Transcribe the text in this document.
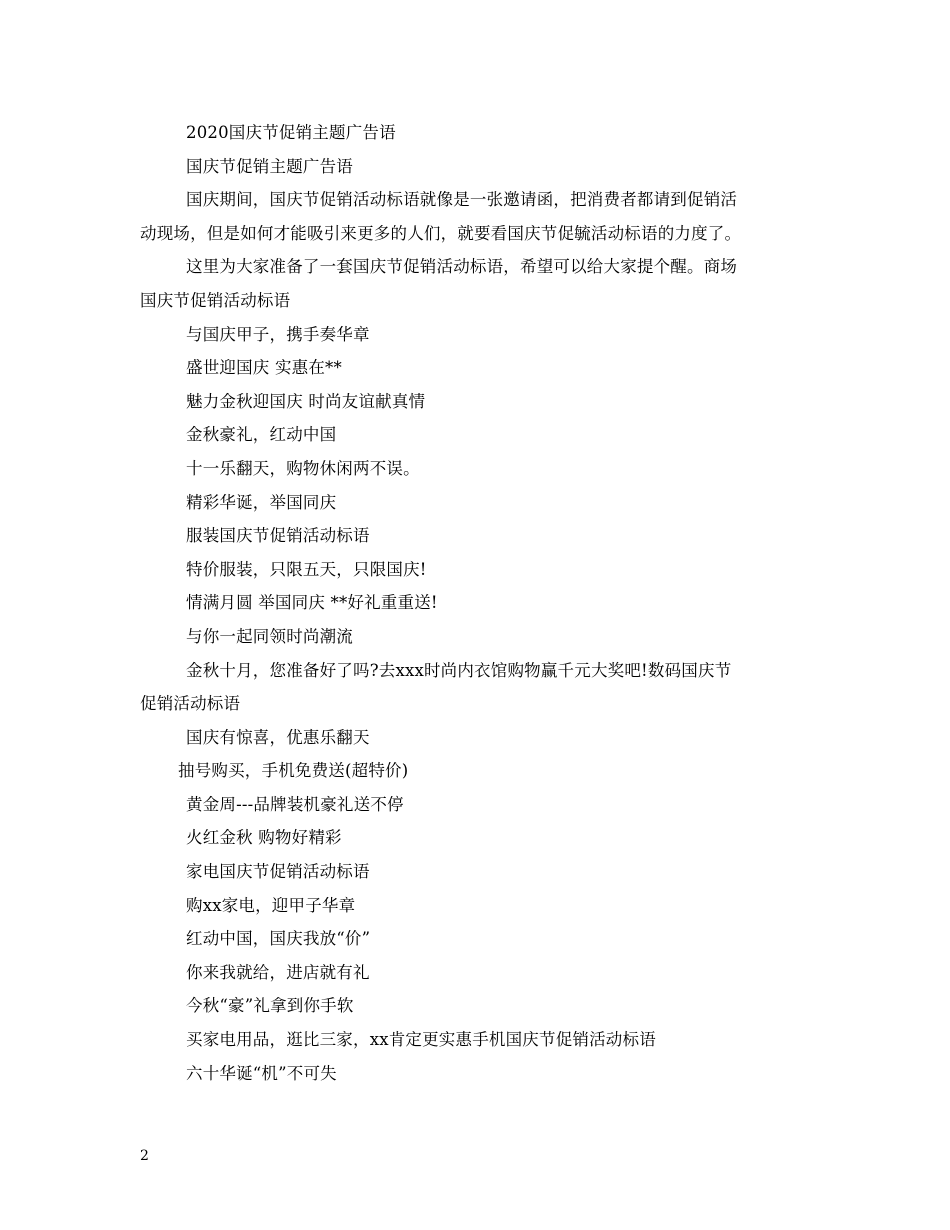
2020国庆节促销主题广告语
国庆节促销主题广告语
国庆期间，国庆节促销活动标语就像是一张邀请函，把消费者都请到促销活
动现场，但是如何才能吸引来更多的人们，就要看国庆节促毓活动标语的力度了。
这里为大家准备了一套国庆节促销活动标语，希望可以给大家提个醒。商场
国庆节促销活动标语
与国庆甲子，携手奏华章
盛世迎国庆 实惠在**
魅力金秋迎国庆 时尚友谊献真情
金秋豪礼，红动中国
十一乐翻天，购物休闲两不误。
精彩华诞，举国同庆
服装国庆节促销活动标语
特价服装，只限五天，只限国庆!
情满月圆 举国同庆 **好礼重重送!
与你一起同领时尚潮流
金秋十月，您准备好了吗?去xxx时尚内衣馆购物赢千元大奖吧!数码国庆节
促销活动标语
国庆有惊喜，优惠乐翻天
抽号购买，手机免费送(超特价)
黄金周---品牌装机豪礼送不停
火红金秋 购物好精彩
家电国庆节促销活动标语
购xx家电，迎甲子华章
红动中国，国庆我放“价”
你来我就给，进店就有礼
今秋“豪”礼拿到你手软
买家电用品，逛比三家，xx肯定更实惠手机国庆节促销活动标语
六十华诞“机”不可失
2
